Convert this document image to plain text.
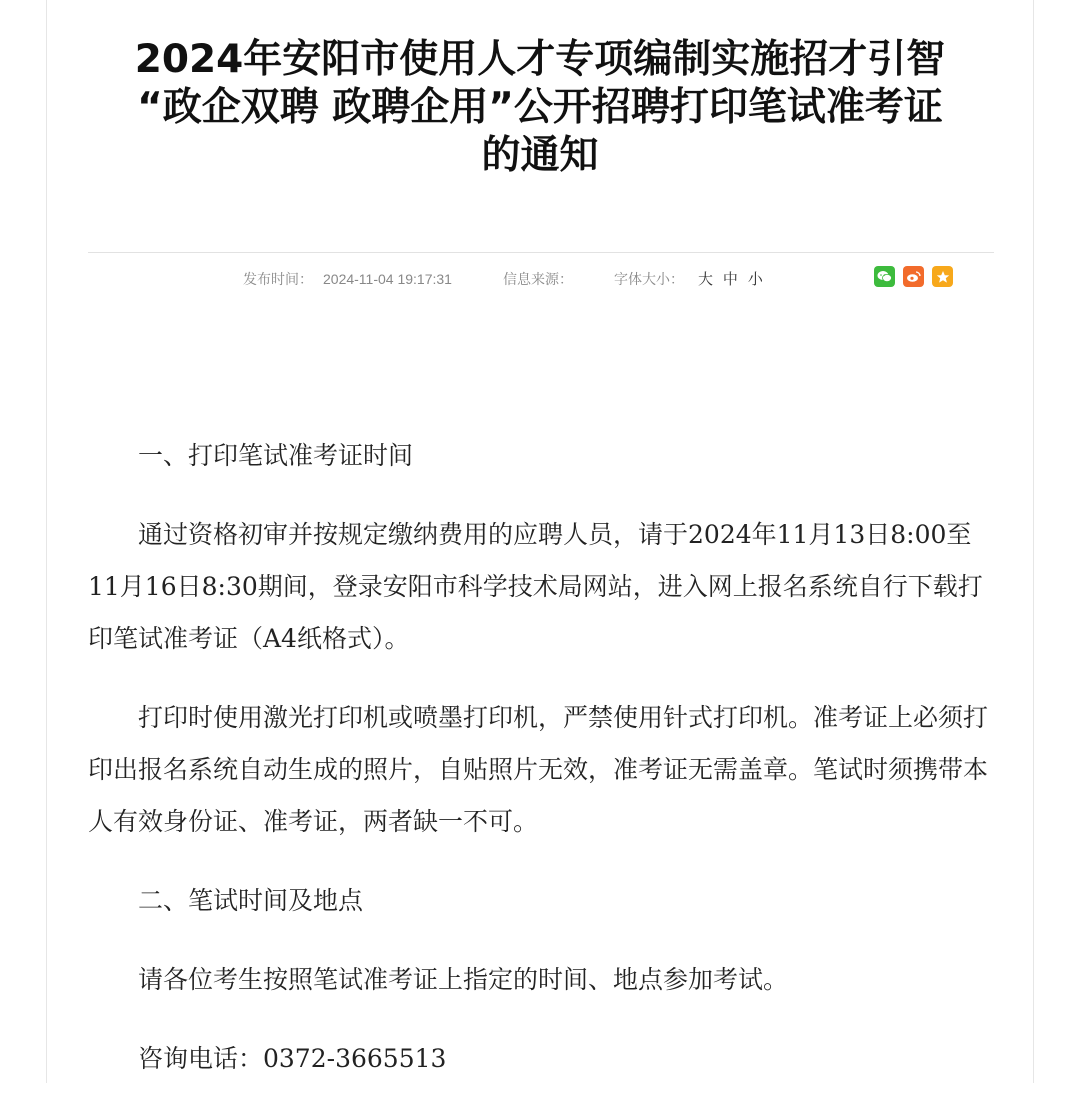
2024年安阳市使用人才专项编制实施招才引智
“政企双聘 政聘企用”公开招聘打印笔试准考证
的通知
发布时间： 2024-11-04 19:17:31	信息来源：	字体大小： 大 中 小

一、打印笔试准考证时间

通过资格初审并按规定缴纳费用的应聘人员，请于2024年11月13日8:00至11月16日8:30期间，登录安阳市科学技术局网站，进入网上报名系统自行下载打印笔试准考证（A4纸格式）。

打印时使用激光打印机或喷墨打印机，严禁使用针式打印机。准考证上必须打印出报名系统自动生成的照片，自贴照片无效，准考证无需盖章。笔试时须携带本人有效身份证、准考证，两者缺一不可。

二、笔试时间及地点

请各位考生按照笔试准考证上指定的时间、地点参加考试。

咨询电话：0372-3665513
